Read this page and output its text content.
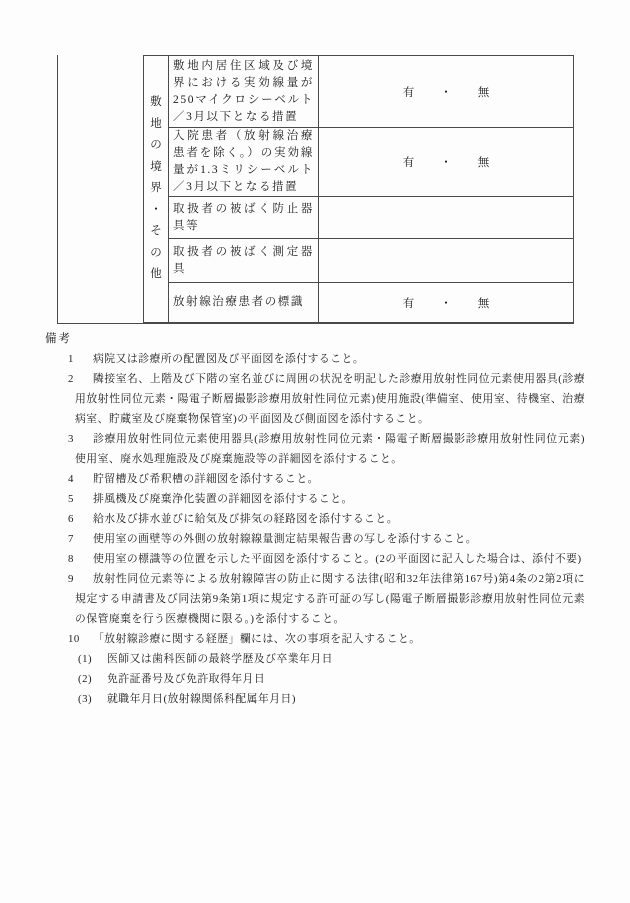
敷
地
の
境
界
・
そ
の
他
敷地内居住区域及び境界における実効線量が250マイクロシーベルト／3月以下となる措置
有 ・ 無
入院患者（放射線治療患者を除く。）の実効線量が1.3ミリシーベルト／3月以下となる措置
有 ・ 無
取扱者の被ばく防止器具等
取扱者の被ばく測定器具
放射線治療患者の標識	有 ・ 無
備考
1 病院又は診療所の配置図及び平面図を添付すること。
2 隣接室名、上階及び下階の室名並びに周囲の状況を明記した診療用放射性同位元素使用器具(診療用放射性同位元素・陽電子断層撮影診療用放射性同位元素)使用施設(準備室、使用室、待機室、治療病室、貯蔵室及び廃棄物保管室)の平面図及び側面図を添付すること。
3 診療用放射性同位元素使用器具(診療用放射性同位元素・陽電子断層撮影診療用放射性同位元素)使用室、廃水処理施設及び廃棄施設等の詳細図を添付すること。
4 貯留槽及び希釈槽の詳細図を添付すること。
5 排風機及び廃棄浄化装置の詳細図を添付すること。
6 給水及び排水並びに給気及び排気の経路図を添付すること。
7 使用室の画壁等の外側の放射線線量測定結果報告書の写しを添付すること。
8 使用室の標識等の位置を示した平面図を添付すること。(2の平面図に記入した場合は、添付不要)
9 放射性同位元素等による放射線障害の防止に関する法律(昭和32年法律第167号)第4条の2第2項に規定する申請書及び同法第9条第1項に規定する許可証の写し(陽電子断層撮影診療用放射性同位元素の保管廃棄を行う医療機関に限る。)を添付すること。
10 「放射線診療に関する経歴」欄には、次の事項を記入すること。
(1) 医師又は歯科医師の最終学歴及び卒業年月日
(2) 免許証番号及び免許取得年月日
(3) 就職年月日(放射線関係科配属年月日)
